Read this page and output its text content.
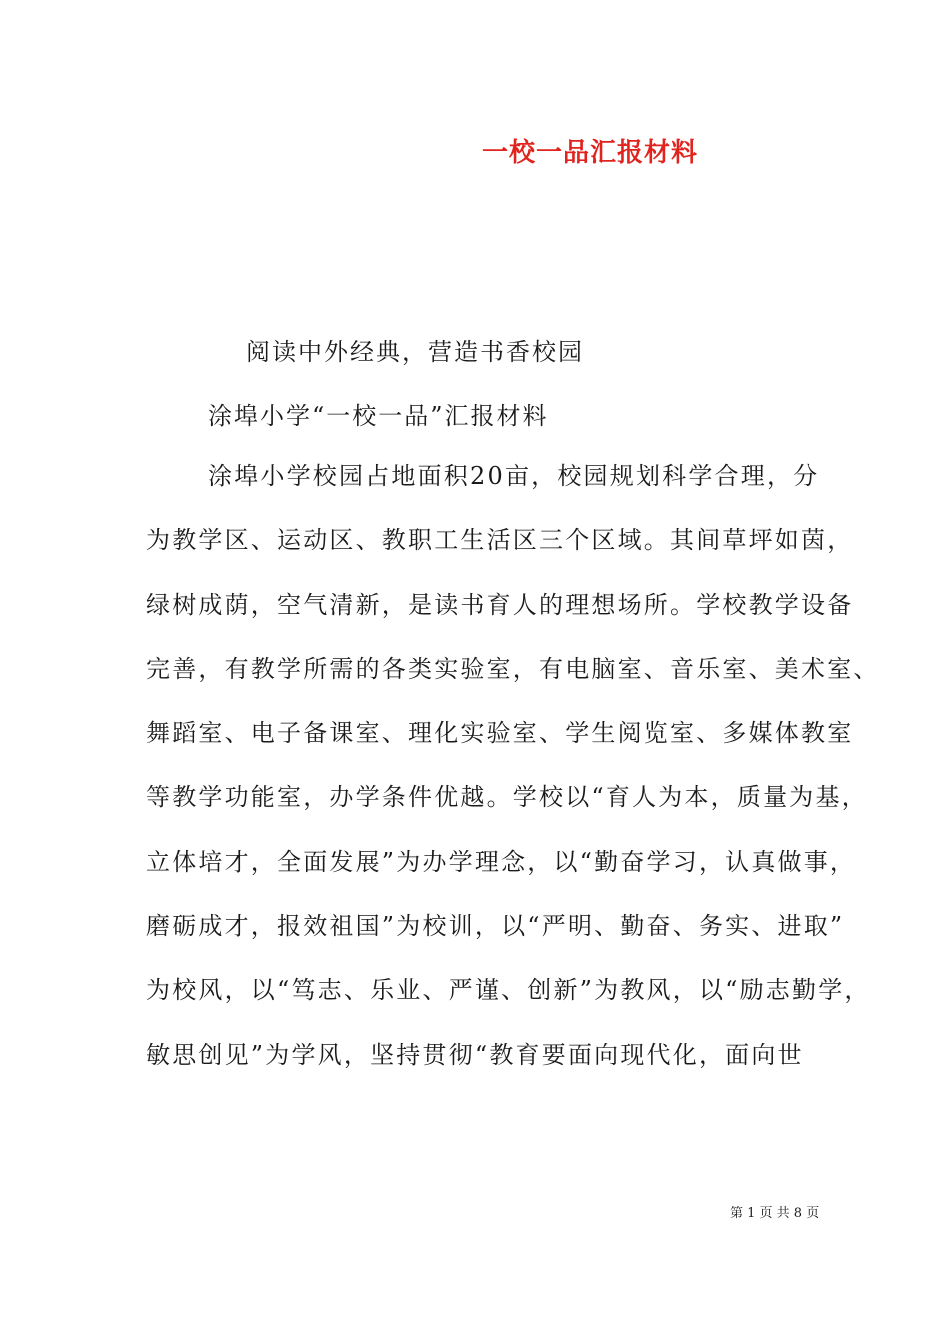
一校一品汇报材料
阅读中外经典，营造书香校园
涂埠小学“一校一品”汇报材料
涂埠小学校园占地面积20亩，校园规划科学合理，分
为教学区、运动区、教职工生活区三个区域。其间草坪如茵，
绿树成荫，空气清新，是读书育人的理想场所。学校教学设备
完善，有教学所需的各类实验室，有电脑室、音乐室、美术室、
舞蹈室、电子备课室、理化实验室、学生阅览室、多媒体教室
等教学功能室，办学条件优越。学校以“育人为本，质量为基，
立体培才，全面发展”为办学理念，以“勤奋学习，认真做事，
磨砺成才，报效祖国”为校训，以“严明、勤奋、务实、进取”
为校风，以“笃志、乐业、严谨、创新”为教风，以“励志勤学，
敏思创见”为学风，坚持贯彻“教育要面向现代化，面向世
第 1 页 共 8 页
